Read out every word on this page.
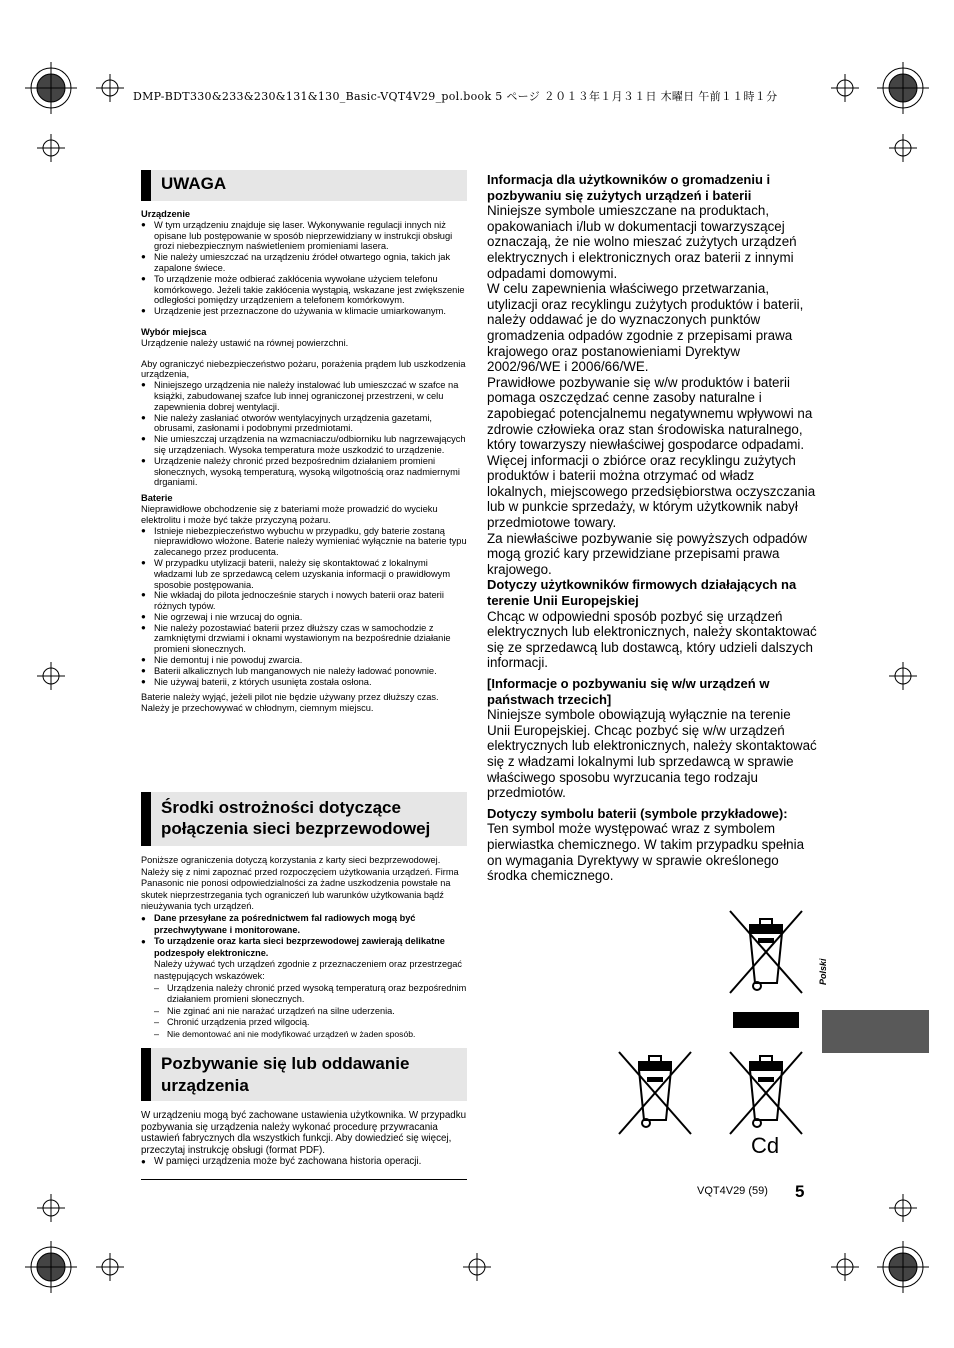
DMP-BDT330&233&230&131&130_Basic-VQT4V29_pol.book 5 ページ ２０１３年１月３１日 木曜日 午前１１時１分
UWAGA

Urządzenie

● W tym urządzeniu znajduje się laser. Wykonywanie regulacji innych niż opisane lub postępowanie w sposób nieprzewidziany w instrukcji obsługi grozi niebezpiecznym naświetleniem promieniami lasera.
● Nie należy umieszczać na urządzeniu źródeł otwartego ognia, takich jak zapalone świece.
● To urządzenie może odbierać zakłócenia wywołane użyciem telefonu komórkowego. Jeżeli takie zakłócenia wystąpią, wskazane jest zwiększenie odległości pomiędzy urządzeniem a telefonem komórkowym.
● Urządzenie jest przeznaczone do używania w klimacie umiarkowanym.

Wybór miejsca

Urządzenie należy ustawić na równej powierzchni.

Aby ograniczyć niebezpieczeństwo pożaru, porażenia prądem lub uszkodzenia urządzenia,

● Niniejszego urządzenia nie należy instalować lub umieszczać w szafce na książki, zabudowanej szafce lub innej ograniczonej przestrzeni, w celu zapewnienia dobrej wentylacji.
● Nie należy zasłaniać otworów wentylacyjnych urządzenia gazetami, obrusami, zasłonami i podobnymi przedmiotami.
● Nie umieszczaj urządzenia na wzmacniaczu/odbiorniku lub nagrzewających się urządzeniach. Wysoka temperatura może uszkodzić to urządzenie.
● Urządzenie należy chronić przed bezpośrednim działaniem promieni słonecznych, wysoką temperaturą, wysoką wilgotnością oraz nadmiernymi drganiami.

Baterie

Nieprawidłowe obchodzenie się z bateriami może prowadzić do wycieku elektrolitu i może być także przyczyną pożaru.

● Istnieje niebezpieczeństwo wybuchu w przypadku, gdy baterie zostaną nieprawidłowo włożone. Baterie należy wymieniać wyłącznie na baterie typu zalecanego przez producenta.
● W przypadku utylizacji baterii, należy się skontaktować z lokalnymi władzami lub ze sprzedawcą celem uzyskania informacji o prawidłowym sposobie postępowania.
● Nie wkładaj do pilota jednocześnie starych i nowych baterii oraz baterii różnych typów.
● Nie ogrzewaj i nie wrzucaj do ognia.
● Nie należy pozostawiać baterii przez dłuższy czas w samochodzie z zamkniętymi drzwiami i oknami wystawionym na bezpośrednie działanie promieni słonecznych.
● Nie demontuj i nie powoduj zwarcia.
● Baterii alkalicznych lub manganowych nie należy ładować ponownie.
● Nie używaj baterii, z których usunięta została osłona.

Baterie należy wyjąć, jeżeli pilot nie będzie używany przez dłuższy czas. Należy je przechowywać w chłodnym, ciemnym miejscu.

Środki ostrożności dotyczące
połączenia sieci bezprzewodowej

Poniższe ograniczenia dotyczą korzystania z karty sieci bezprzewodowej. Należy się z nimi zapoznać przed rozpoczęciem użytkowania urządzeń. Firma Panasonic nie ponosi odpowiedzialności za żadne uszkodzenia powstałe na skutek nieprzestrzegania tych ograniczeń lub warunków użytkowania bądź nieużywania tych urządzeń.

● Dane przesyłane za pośrednictwem fal radiowych mogą być przechwytywane i monitorowane.
● To urządzenie oraz karta sieci bezprzewodowej zawierają delikatne podzespoły elektroniczne.
Należy używać tych urządzeń zgodnie z przeznaczeniem oraz przestrzegać następujących wskazówek:
– Urządzenia należy chronić przed wysoką temperaturą oraz bezpośrednim działaniem promieni słonecznych.
– Nie zginać ani nie narażać urządzeń na silne uderzenia.
– Chronić urządzenia przed wilgocią.
– Nie demontować ani nie modyfikować urządzeń w żaden sposób.
Pozbywanie się lub oddawanie
urządzenia

W urządzeniu mogą być zachowane ustawienia użytkownika. W przypadku pozbywania się urządzenia należy wykonać procedurę przywracania ustawień fabrycznych dla wszystkich funkcji. Aby dowiedzieć się więcej, przeczytaj instrukcję obsługi (format PDF).

● W pamięci urządzenia może być zachowana historia operacji.

Informacja dla użytkowników o gromadzeniu i pozbywaniu się zużytych urządzeń i baterii

Niniejsze symbole umieszczane na produktach, opakowaniach i/lub w dokumentacji towarzyszącej oznaczają, że nie wolno mieszać zużytych urządzeń elektrycznych i elektronicznych oraz baterii z innymi odpadami domowymi.

W celu zapewnienia właściwego przetwarzania, utylizacji oraz recyklingu zużytych produktów i baterii, należy oddawać je do wyznaczonych punktów gromadzenia odpadów zgodnie z przepisami prawa krajowego oraz postanowieniami Dyrektyw 2002/96/WE i 2006/66/WE.

Prawidłowe pozbywanie się w/w produktów i baterii pomaga oszczędzać cenne zasoby naturalne i zapobiegać potencjalnemu negatywnemu wpływowi na zdrowie człowieka oraz stan środowiska naturalnego, który towarzyszy niewłaściwej gospodarce odpadami.

Więcej informacji o zbiórce oraz recyklingu zużytych produktów i baterii można otrzymać od władz lokalnych, miejscowego przedsiębiorstwa oczyszczania lub w punkcie sprzedaży, w którym użytkownik nabył przedmiotowe towary.

Za niewłaściwe pozbywanie się powyższych odpadów mogą grozić kary przewidziane przepisami prawa krajowego.

Dotyczy użytkowników firmowych działających na terenie Unii Europejskiej

Chcąc w odpowiedni sposób pozbyć się urządzeń elektrycznych lub elektronicznych, należy skontaktować się ze sprzedawcą lub dostawcą, który udzieli dalszych informacji.

[Informacje o pozbywaniu się w/w urządzeń w państwach trzecich]

Niniejsze symbole obowiązują wyłącznie na terenie Unii Europejskiej. Chcąc pozbyć się w/w urządzeń elektrycznych lub elektronicznych, należy skontaktować się z władzami lokalnymi lub sprzedawcą w sprawie właściwego sposobu wyrzucania tego rodzaju przedmiotów.

Dotyczy symbolu baterii (symbole przykładowe):

Ten symbol może występować wraz z symbolem pierwiastka chemicznego. W takim przypadku spełnia on wymagania Dyrektywy w sprawie określonego środka chemicznego.

Cd
Polski
VQT4V29 (59) 5
